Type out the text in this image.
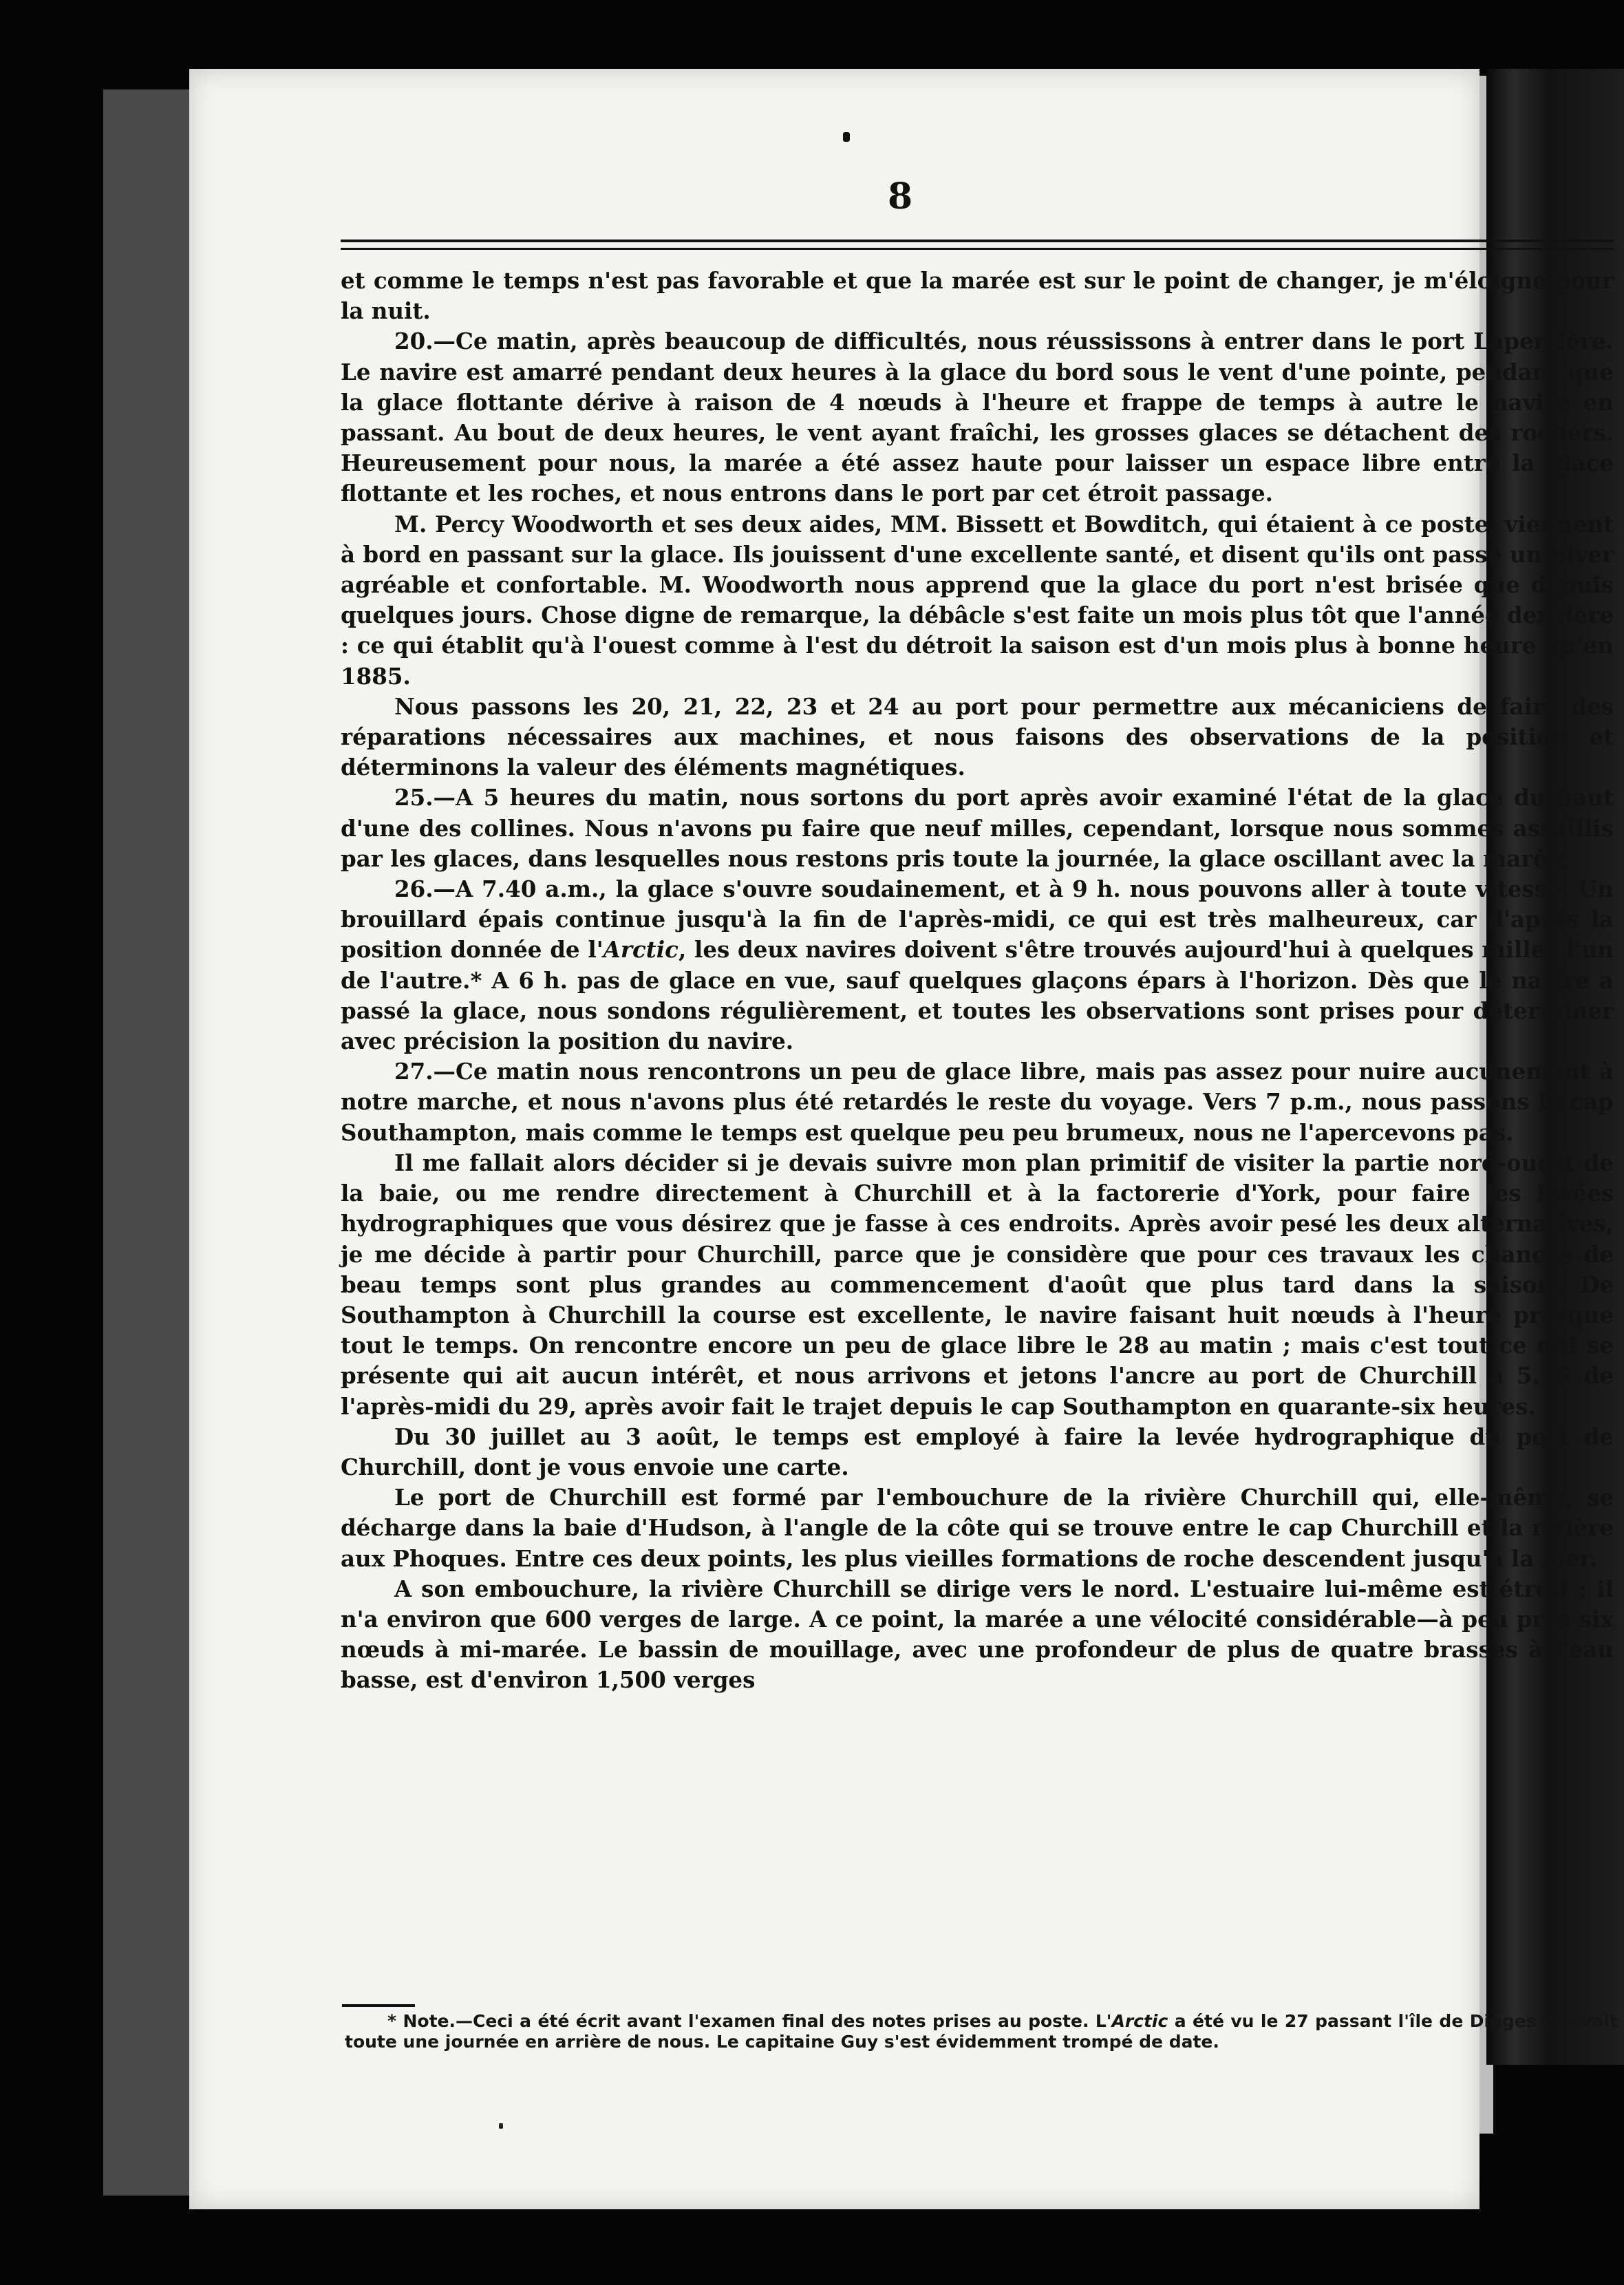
8

et comme le temps n'est pas favorable et que la marée est sur le point de changer, je m'éloigne pour la nuit.

20.—Ce matin, après beaucoup de difficultés, nous réussissons à entrer dans le port Laperrière. Le navire est amarré pendant deux heures à la glace du bord sous le vent d'une pointe, pendant que la glace flottante dérive à raison de 4 nœuds à l'heure et frappe de temps à autre le navire en passant. Au bout de deux heures, le vent ayant fraîchi, les grosses glaces se détachent des rochers. Heureusement pour nous, la marée a été assez haute pour laisser un espace libre entre la glace flottante et les roches, et nous entrons dans le port par cet étroit passage.

M. Percy Woodworth et ses deux aides, MM. Bissett et Bowditch, qui étaient à ce poste, viennent à bord en passant sur la glace. Ils jouissent d'une excellente santé, et disent qu'ils ont passé un hiver agréable et confortable. M. Woodworth nous apprend que la glace du port n'est brisée que depuis quelques jours. Chose digne de remarque, la débâcle s'est faite un mois plus tôt que l'année dernière : ce qui établit qu'à l'ouest comme à l'est du détroit la saison est d'un mois plus à bonne heure qu'en 1885.

Nous passons les 20, 21, 22, 23 et 24 au port pour permettre aux mécaniciens de faire des réparations nécessaires aux machines, et nous faisons des observations de la position et déterminons la valeur des éléments magnétiques.

25.—A 5 heures du matin, nous sortons du port après avoir examiné l'état de la glace du haut d'une des collines. Nous n'avons pu faire que neuf milles, cependant, lorsque nous sommes assaillis par les glaces, dans lesquelles nous restons pris toute la journée, la glace oscillant avec la marée.

26.—A 7.40 a.m., la glace s'ouvre soudainement, et à 9 h. nous pouvons aller à toute vitesse. Un brouillard épais continue jusqu'à la fin de l'après-midi, ce qui est très malheureux, car d'après la position donnée de l'Arctic, les deux navires doivent s'être trouvés aujourd'hui à quelques milles l'un de l'autre.* A 6 h. pas de glace en vue, sauf quelques glaçons épars à l'horizon. Dès que le navire a passé la glace, nous sondons régulièrement, et toutes les observations sont prises pour déterminer avec précision la position du navire.

27.—Ce matin nous rencontrons un peu de glace libre, mais pas assez pour nuire aucunement à notre marche, et nous n'avons plus été retardés le reste du voyage. Vers 7 p.m., nous passons le cap Southampton, mais comme le temps est quelque peu peu brumeux, nous ne l'apercevons pas.

Il me fallait alors décider si je devais suivre mon plan primitif de visiter la partie nord-ouest de la baie, ou me rendre directement à Churchill et à la factorerie d'York, pour faire les levées hydrographiques que vous désirez que je fasse à ces endroits. Après avoir pesé les deux alternatives, je me décide à partir pour Churchill, parce que je considère que pour ces travaux les chances de beau temps sont plus grandes au commencement d'août que plus tard dans la saison. De Southampton à Churchill la course est excellente, le navire faisant huit nœuds à l'heure presque tout le temps. On rencontre encore un peu de glace libre le 28 au matin ; mais c'est tout ce qui se présente qui ait aucun intérêt, et nous arrivons et jetons l'ancre au port de Churchill à 5.15 de l'après-midi du 29, après avoir fait le trajet depuis le cap Southampton en quarante-six heures.

Du 30 juillet au 3 août, le temps est employé à faire la levée hydrographique du port de Churchill, dont je vous envoie une carte.

Le port de Churchill est formé par l'embouchure de la rivière Churchill qui, elle-même, se décharge dans la baie d'Hudson, à l'angle de la côte qui se trouve entre le cap Churchill et la rivière aux Phoques. Entre ces deux points, les plus vieilles formations de roche descendent jusqu'à la mer.

A son embouchure, la rivière Churchill se dirige vers le nord. L'estuaire lui-même est étroit ; il n'a environ que 600 verges de large. A ce point, la marée a une vélocité considérable—à peu près six nœuds à mi-marée. Le bassin de mouillage, avec une profondeur de plus de quatre brasses à l'eau basse, est d'environ 1,500 verges

* Note.—Ceci a été écrit avant l'examen final des notes prises au poste. L'Arctic a été vu le 27 passant l'île de Digges et avait toute une journée en arrière de nous. Le capitaine Guy s'est évidemment trompé de date.
